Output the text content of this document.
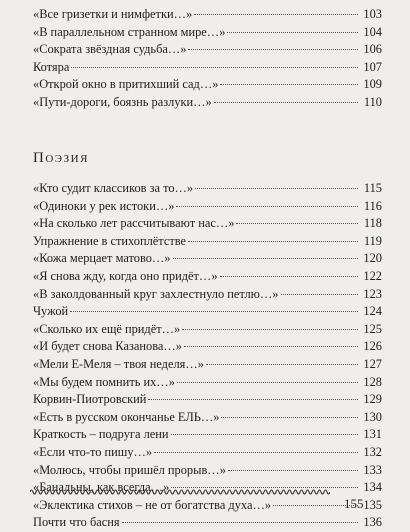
«Все гризетки и нимфетки…»	103
«В параллельном странном мире…»	104
«Сократа звёздная судьба…»	106
Котяра	107
«Открой окно в притихший сад…»	109
«Пути-дороги, боязнь разлуки…»	110
Поэзия
«Кто судит классиков за то…»	115
«Одиноки у рек истоки…»	116
«На сколько лет рассчитывают нас…»	118
Упражнение в стихоплётстве	119
«Кожа мерцает матово…»	120
«Я снова жду, когда оно придёт…»	122
«В заколдованный круг захлестнуло петлю…»	123
Чужой	124
«Сколько их ещё придёт…»	125
«И будет снова Казанова…»	126
«Мели Е-Меля – твоя неделя…»	127
«Мы будем помнить их…»	128
Корвин-Пиотровский	129
«Есть в русском окончанье ЕЛЬ…»	130
Краткость – подруга лени	131
«Если что-то пишу…»	132
«Молюсь, чтобы пришёл прорыв…»	133
«Банальны, как всегда…»	134
«Эклектика стихов – не от богатства духа…»	135
Почти что басня	136
155
